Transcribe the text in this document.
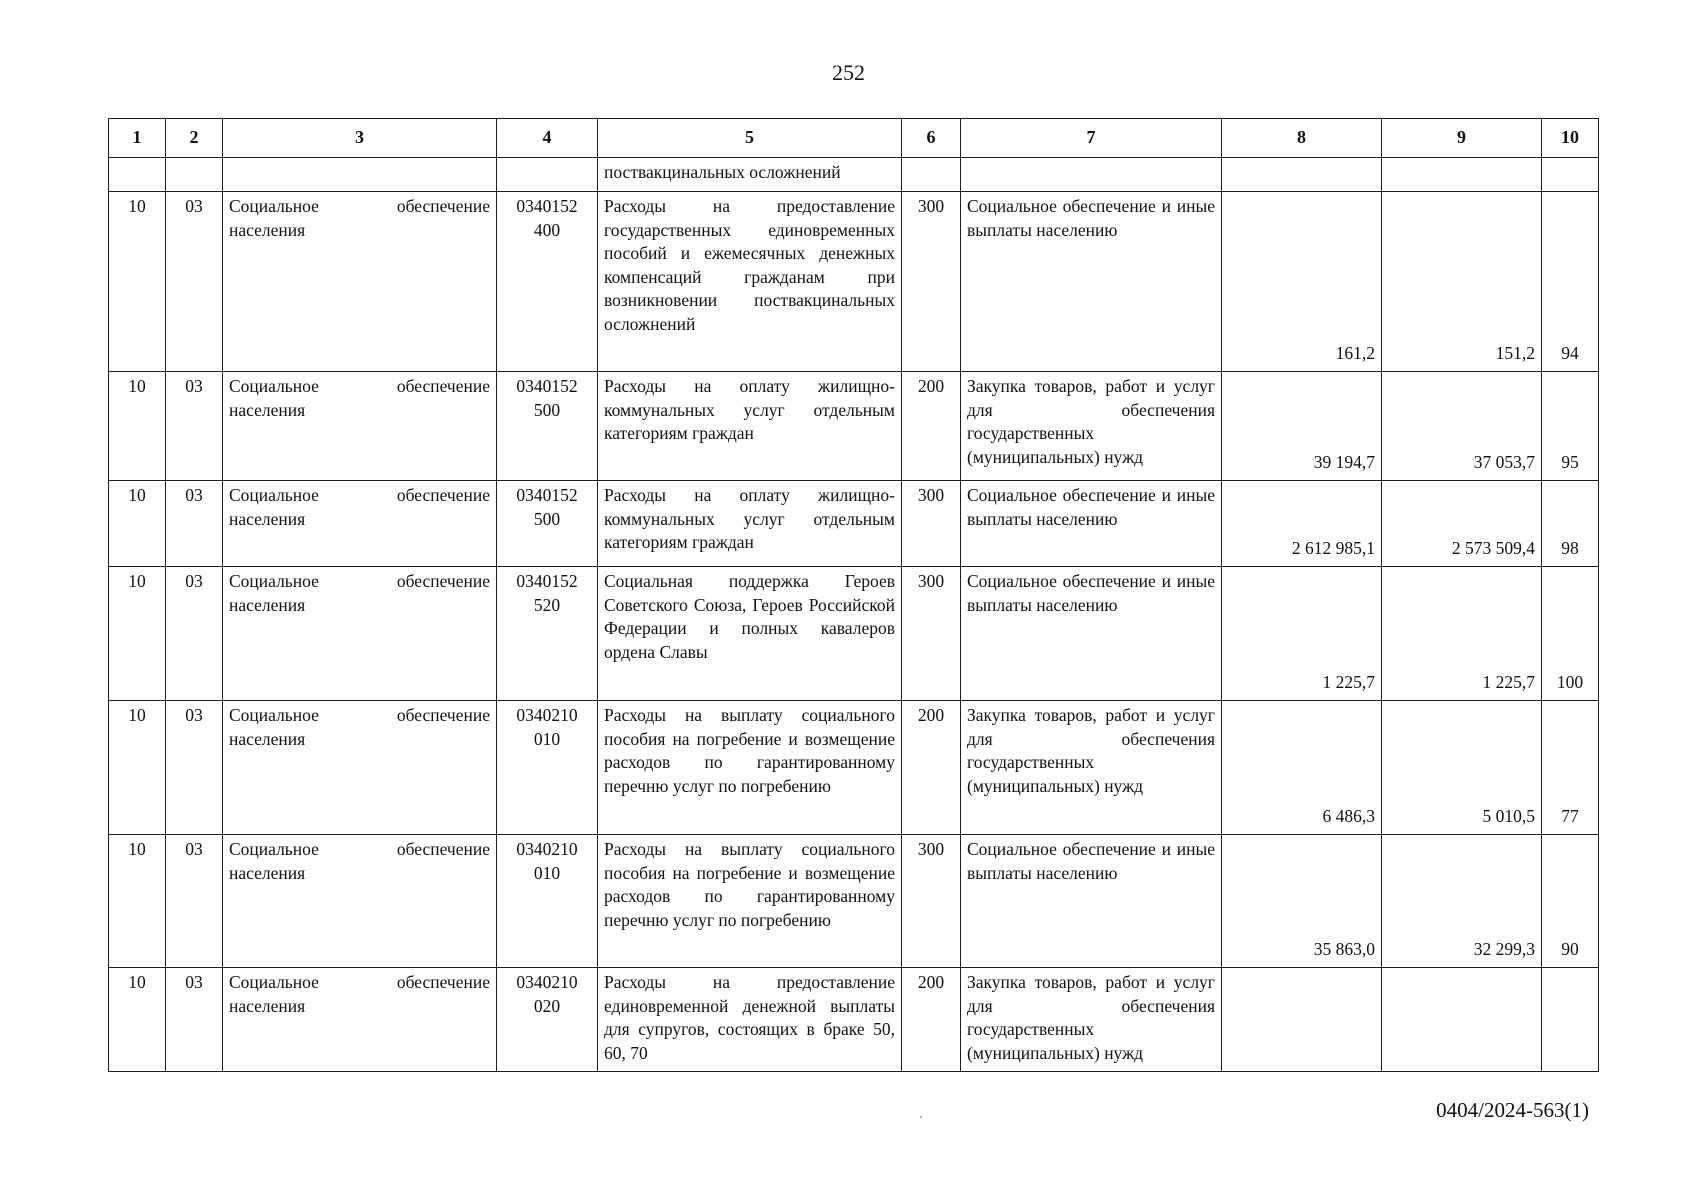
252
1	2	3	4	5	6	7	8	9	10
				поствакцинальных осложнений					
10	03	Социальное обеспечение населения	0340152 400	Расходы на предоставление государственных единовременных пособий и ежемесячных денежных компенсаций гражданам при возникновении поствакцинальных осложнений	300	Социальное обеспечение и иные выплаты населению	161,2	151,2	94
10	03	Социальное обеспечение населения	0340152 500	Расходы на оплату жилищно-коммунальных услуг отдельным категориям граждан	200	Закупка товаров, работ и услуг для обеспечения государственных (муниципальных) нужд	39 194,7	37 053,7	95
10	03	Социальное обеспечение населения	0340152 500	Расходы на оплату жилищно-коммунальных услуг отдельным категориям граждан	300	Социальное обеспечение и иные выплаты населению	2 612 985,1	2 573 509,4	98
10	03	Социальное обеспечение населения	0340152 520	Социальная поддержка Героев Советского Союза, Героев Российской Федерации и полных кавалеров ордена Славы	300	Социальное обеспечение и иные выплаты населению	1 225,7	1 225,7	100
10	03	Социальное обеспечение населения	0340210 010	Расходы на выплату социального пособия на погребение и возмещение расходов по гарантированному перечню услуг по погребению	200	Закупка товаров, работ и услуг для обеспечения государственных (муниципальных) нужд	6 486,3	5 010,5	77
10	03	Социальное обеспечение населения	0340210 010	Расходы на выплату социального пособия на погребение и возмещение расходов по гарантированному перечню услуг по погребению	300	Социальное обеспечение и иные выплаты населению	35 863,0	32 299,3	90
10	03	Социальное обеспечение населения	0340210 020	Расходы на предоставление единовременной денежной выплаты для супругов, состоящих в браке 50, 60, 70	200	Закупка товаров, работ и услуг для обеспечения государственных (муниципальных) нужд			
0404/2024-563(1)
